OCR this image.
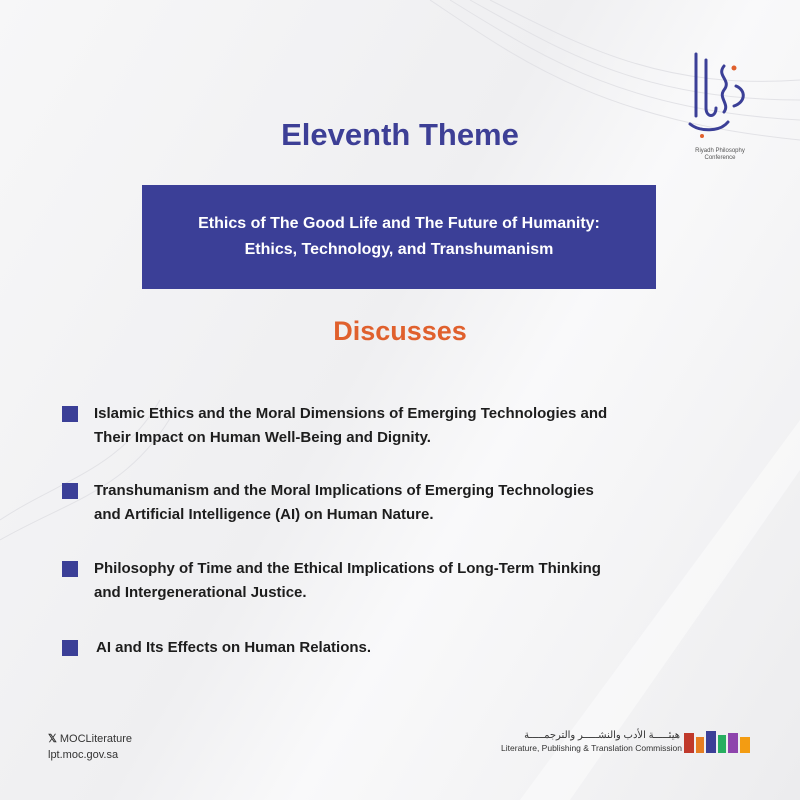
Riyadh Philosophy
Conference
Eleventh Theme
Ethics of The Good Life and The Future of Humanity:
Ethics, Technology, and Transhumanism
Discusses
Islamic Ethics and the Moral Dimensions of Emerging Technologies and
Their Impact on Human Well-Being and Dignity.
Transhumanism and the Moral Implications of Emerging Technologies
and Artificial Intelligence (AI) on Human Nature.
Philosophy of Time and the Ethical Implications of Long-Term Thinking
and Intergenerational Justice.
AI and Its Effects on Human Relations.
𝕏 MOCLiterature
lpt.moc.gov.sa
هيئـــــة الأدب والنشـــــر والترجمـــــة
Literature, Publishing & Translation Commission
